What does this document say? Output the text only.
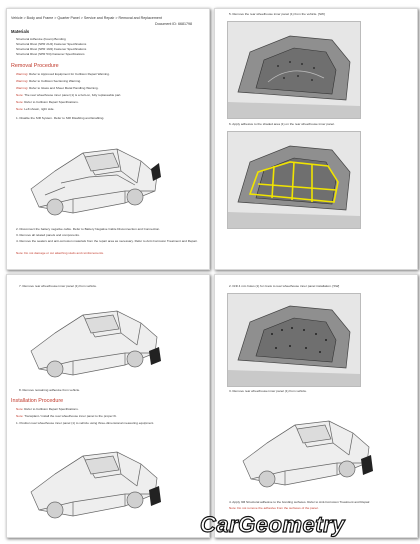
Vehicle > Body and Frame > Quarter Panel > Service and Repair > Removal and Replacement
Document ID: 6681798
Materials
Structural Adhesive (Foam) Bonding
Structural Rivet (SPR 21/2) Fastener Specifications
Structural Rivet (SPR 19/2) Fastener Specifications
Structural Rivet (SPR 5/4) Fastener Specifications
Removal Procedure
Warning: Refer to Approved Equipment for Collision Repair Warning.
Warning: Refer to Collision Sectioning Warning.
Warning: Refer to Glass and Sheet Metal Handling Warning.
Note: The rear wheelhouse inner panel (1) is a bolt-on, fully replaceable part.
Note: Refer to Collision Repair Specifications.
Note: Left shown, right side.
1. Disable the SIR System. Refer to SIR Disabling and Enabling.
2. Disconnect the battery negative cable. Refer to Battery Negative Cable Disconnection and Connection.
3. Remove all related panels and components.
4. Remove the sealers and anti-corrosion materials from the repair area as necessary. Refer to Anti-Corrosion Treatment and Repair.
Note: Do not damage or cut attaching studs and reinforcements.
5. Remove the rear wheelhouse inner panel (1) from the vehicle. [SW]
6. Apply adhesive to the shaded area (1) on the rear wheelhouse inner panel.
7. Remove rear wheelhouse inner panel (1) from vehicle.
8. Remove remaining adhesive from vehicle.
Installation Procedure
Note: Refer to Collision Repair Specifications.
Note: Transplant / install the rear wheelhouse inner panel to the proper fit.
1. Position rear wheelhouse inner panel (1) to vehicle using three-dimensional measuring equipment.
2. Drill 4 mm holes (1) for rivets to rear wheelhouse inner panel installation. [SW]
3. Remove rear wheelhouse inner panel (1) from vehicle.
4. Apply 3M Structural adhesive to the bonding surfaces. Refer to Anti-Corrosion Treatment and Repair.
Note: Do not remove the adhesive from the surfaces of the panel.
CarGeometry
